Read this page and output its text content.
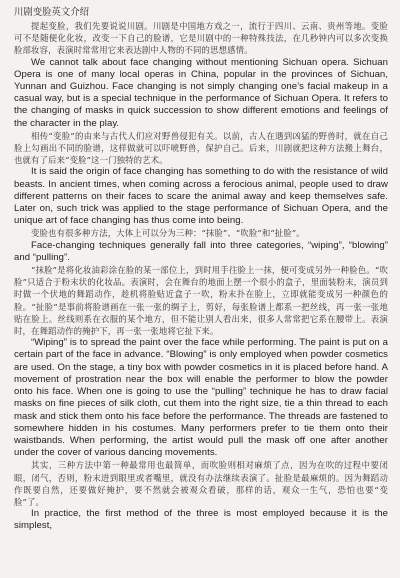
川剧变脸英文介绍

提起变脸，我们先要说说川剧。川剧是中国地方戏之一，流行于四川、云南、贵州等地。变脸可不是随便化化妆，改变一下自己的脸谱，它是川剧中的一种特殊技法，在几秒钟内可以多次变换脸部妆容，表演时常常用它来表达剧中人物的不同的思想感情。

We cannot talk about face changing without mentioning Sichuan opera. Sichuan Opera is one of many local operas in China, popular in the provinces of Sichuan, Yunnan and Guizhou. Face changing is not simply changing one’s facial makeup in a casual way, but is a special technique in the performance of Sichuan Opera. It refers to the changing of masks in quick succession to show different emotions and feelings of the character in the play.

相传“变脸”的由来与古代人们应对野兽侵犯有关。以前，古人在遇到凶猛的野兽时，就在自己脸上勾画出不同的脸谱，这样做就可以吓唬野兽，保护自己。后来，川剧就把这种方法搬上舞台，也就有了后来“变脸”这一门独特的艺术。

It is said the origin of face changing has something to do with the resistance of wild beasts. In ancient times, when coming across a ferocious animal, people used to draw different patterns on their faces to scare the animal away and keep themselves safe. Later on, such trick was applied to the stage performance of Sichuan Opera, and the unique art of face changing has thus come into being.

变脸也有很多种方法，大体上可以分为三种：“抹脸”、“吹脸”和“扯脸”。

Face-changing techniques generally fall into three categories, “wiping”, “blowing” and “pulling”.

“抹脸”是将化妆油彩涂在脸的某一部位上，到时用手往脸上一抹，便可变成另外一种脸色。“吹脸”只适合于粉末状的化妆品。表演时，会在舞台的地面上摆一个很小的盒子，里面装粉末，演员到时做一个伏地的舞蹈动作，趁机将脸贴近盒子一吹，粉末扑在脸上，立即就能变成另一种颜色的脸。“扯脸”是事前将脸谱画在一张一张的绸子上，剪好，每张脸谱上都系一把丝线，再一张一张地贴在脸上。丝线则系在衣服的某个地方，但不能让别人看出来，很多人常常把它系在腰带上。表演时，在舞蹈动作的掩护下，再一张一张地将它扯下来。

“Wiping” is to spread the paint over the face while performing. The paint is put on a certain part of the face in advance. “Blowing” is only employed when powder cosmetics are used. On the stage, a tiny box with powder cosmetics in it is placed before hand. A movement of prostration near the box will enable the performer to blow the powder onto his face. When one is going to use the “pulling” technique he has to draw facial masks on fine pieces of silk cloth, cut them into the right size, tie a thin thread to each mask and stick them onto his face before the performance. The threads are fastened to somewhere hidden in his costumes. Many performers prefer to tie them onto their waistbands. When performing, the artist would pull the mask off one after another under the cover of various dancing movements.

其实，三种方法中第一种最常用也最简单，而吹脸则相对麻烦了点，因为在吹的过程中要闭眼，闭气，否则，粉末进到眼里或者嘴里，就没有办法继续表演了。扯脸是最麻烦的。因为舞蹈动作既要自然，还要做好掩护，要不然就会被观众看破，那样的话，观众一生气，恐怕也要“变脸”了。

In practice, the first method of the three is most employed because it is the simplest,
